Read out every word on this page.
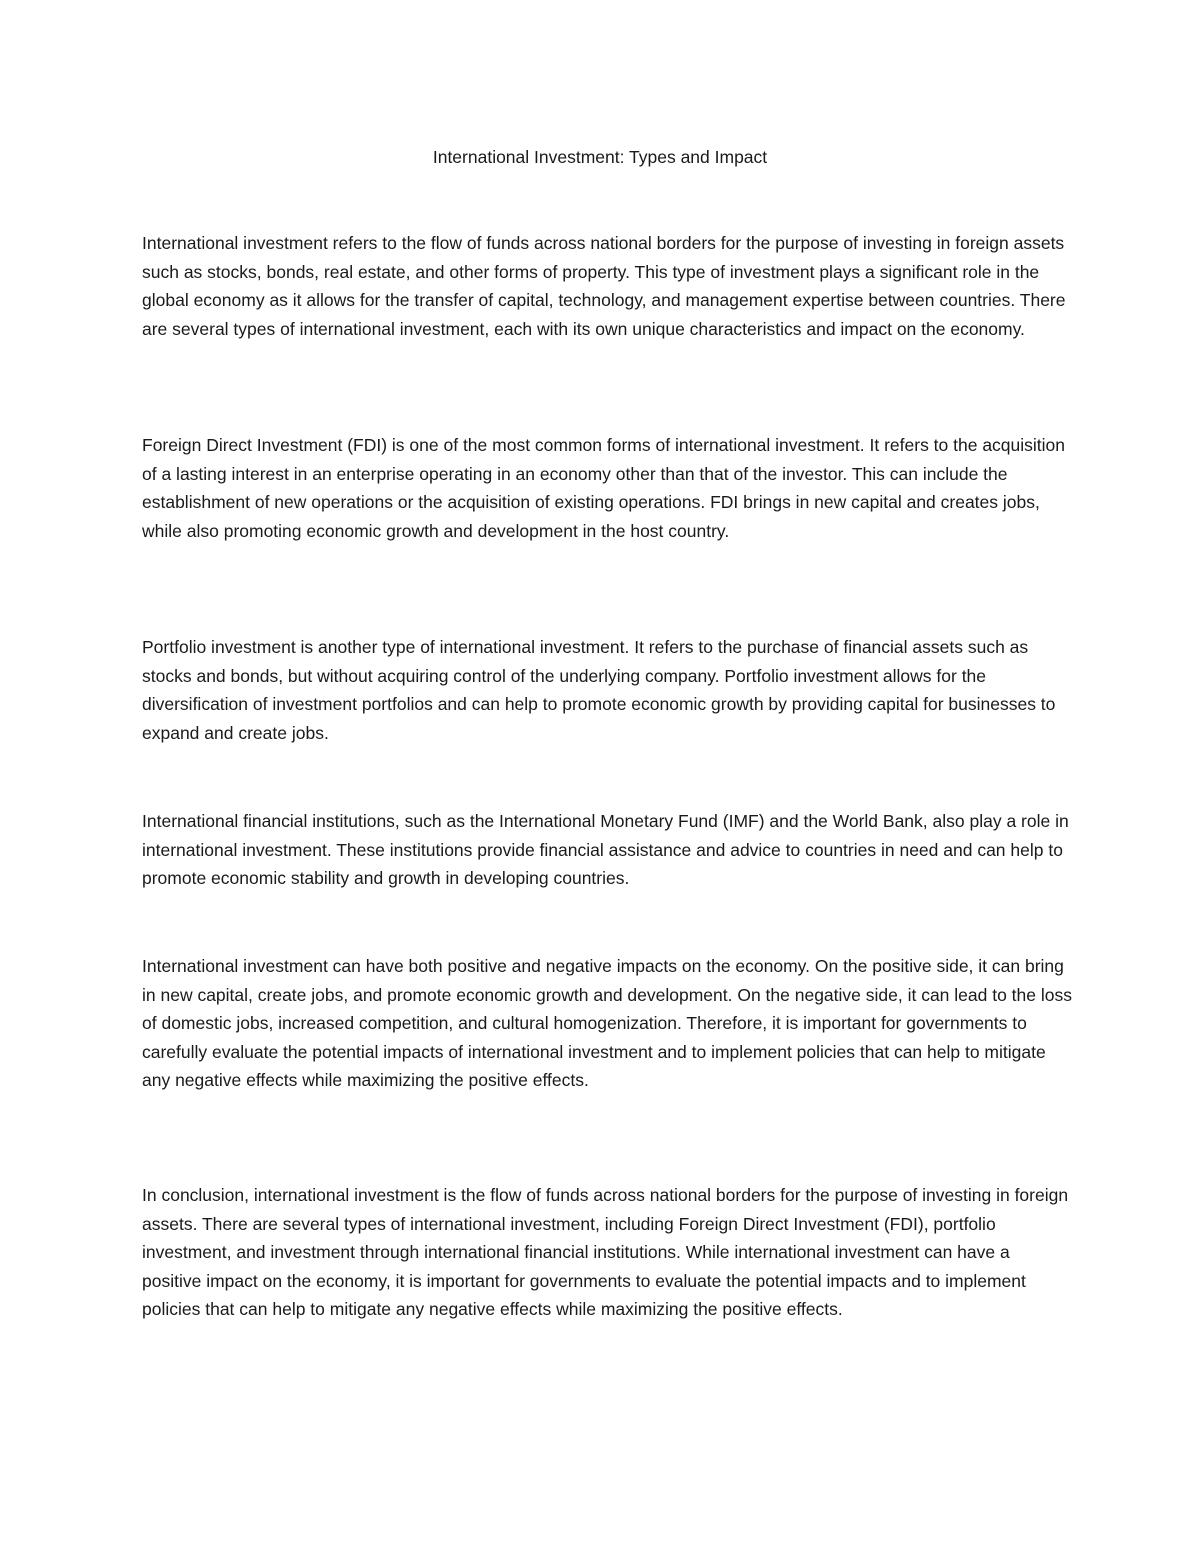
International Investment: Types and Impact

International investment refers to the flow of funds across national borders for the purpose of investing in foreign assets such as stocks, bonds, real estate, and other forms of property. This type of investment plays a significant role in the global economy as it allows for the transfer of capital, technology, and management expertise between countries. There are several types of international investment, each with its own unique characteristics and impact on the economy.

Foreign Direct Investment (FDI) is one of the most common forms of international investment. It refers to the acquisition of a lasting interest in an enterprise operating in an economy other than that of the investor. This can include the establishment of new operations or the acquisition of existing operations. FDI brings in new capital and creates jobs, while also promoting economic growth and development in the host country.

Portfolio investment is another type of international investment. It refers to the purchase of financial assets such as stocks and bonds, but without acquiring control of the underlying company. Portfolio investment allows for the diversification of investment portfolios and can help to promote economic growth by providing capital for businesses to expand and create jobs.

International financial institutions, such as the International Monetary Fund (IMF) and the World Bank, also play a role in international investment. These institutions provide financial assistance and advice to countries in need and can help to promote economic stability and growth in developing countries.

International investment can have both positive and negative impacts on the economy. On the positive side, it can bring in new capital, create jobs, and promote economic growth and development. On the negative side, it can lead to the loss of domestic jobs, increased competition, and cultural homogenization. Therefore, it is important for governments to carefully evaluate the potential impacts of international investment and to implement policies that can help to mitigate any negative effects while maximizing the positive effects.

In conclusion, international investment is the flow of funds across national borders for the purpose of investing in foreign assets. There are several types of international investment, including Foreign Direct Investment (FDI), portfolio investment, and investment through international financial institutions. While international investment can have a positive impact on the economy, it is important for governments to evaluate the potential impacts and to implement policies that can help to mitigate any negative effects while maximizing the positive effects.
